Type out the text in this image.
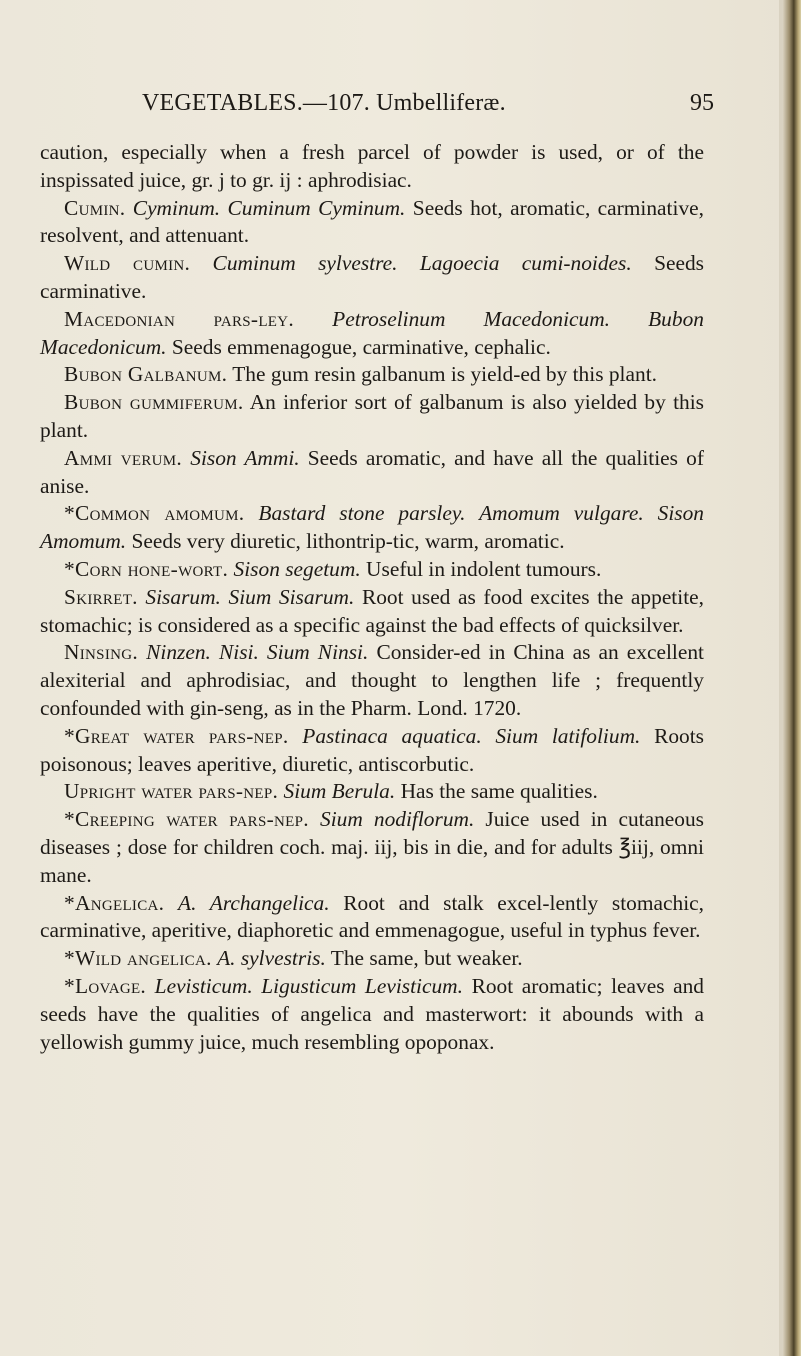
VEGETABLES.—107. Umbelliferæ.	95

caution, especially when a fresh parcel of powder is used, or of the inspissated juice, gr. j to gr. ij : aphrodisiac.

Cumin. Cyminum. Cuminum Cyminum. Seeds hot, aromatic, carminative, resolvent, and attenuant.

Wild cumin. Cuminum sylvestre. Lagoecia cumi-noides. Seeds carminative.

Macedonian pars-ley. Petroselinum Macedonicum. Bubon Macedonicum. Seeds emmenagogue, carminative, cephalic.

Bubon Galbanum. The gum resin galbanum is yield-ed by this plant.

Bubon gummiferum. An inferior sort of galbanum is also yielded by this plant.

Ammi verum. Sison Ammi. Seeds aromatic, and have all the qualities of anise.

*Common amomum. Bastard stone parsley. Amomum vulgare. Sison Amomum. Seeds very diuretic, lithontrip-tic, warm, aromatic.

*Corn hone-wort. Sison segetum. Useful in indolent tumours.

Skirret. Sisarum. Sium Sisarum. Root used as food excites the appetite, stomachic; is considered as a specific against the bad effects of quicksilver.

Ninsing. Ninzen. Nisi. Sium Ninsi. Consider-ed in China as an excellent alexiterial and aphrodisiac, and thought to lengthen life ; frequently confounded with gin-seng, as in the Pharm. Lond. 1720.

*Great water pars-nep. Pastinaca aquatica. Sium latifolium. Roots poisonous; leaves aperitive, diuretic, antiscorbutic.

Upright water pars-nep. Sium Berula. Has the same qualities.

*Creeping water pars-nep. Sium nodiflorum. Juice used in cutaneous diseases ; dose for children coch. maj. iij, bis in die, and for adults ℥iij, omni mane.

*Angelica. A. Archangelica. Root and stalk excel-lently stomachic, carminative, aperitive, diaphoretic and emmenagogue, useful in typhus fever.

*Wild angelica. A. sylvestris. The same, but weaker.

*Lovage. Levisticum. Ligusticum Levisticum. Root aromatic; leaves and seeds have the qualities of angelica and masterwort: it abounds with a yellowish gummy juice, much resembling opoponax.
